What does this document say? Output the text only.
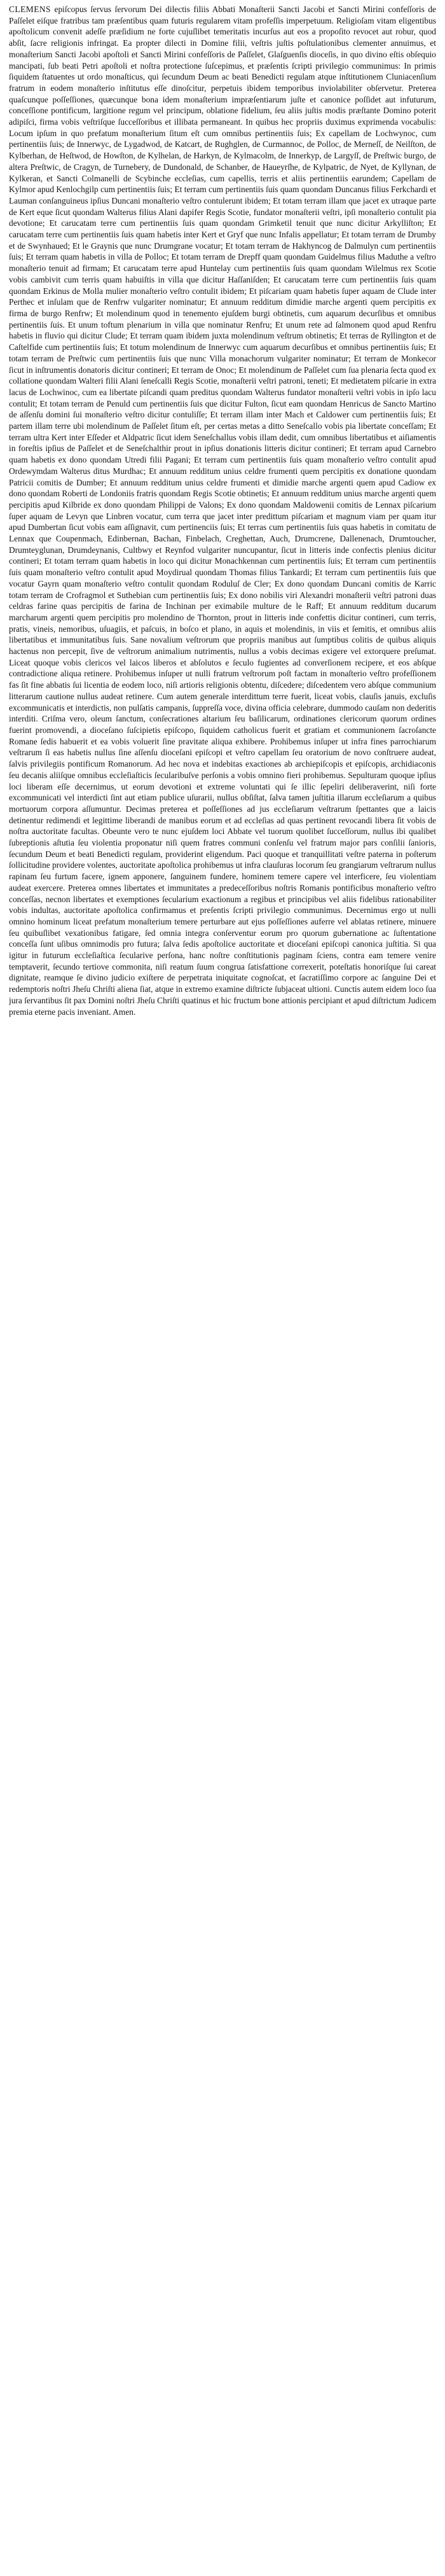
CLEMENS epiſcopus ſervus ſervorum Dei dilectis filiis Abbati Monaſterii Sancti Jacobi et Sancti Mirini confeſſoris de Paſſelet eiſque fratribus tam præſentibus quam futuris regularem vitam profeſſis imperpetuum. Religioſam vitam eligentibus apoſtolicum convenit adeſſe præſidium ne forte cujuſlibet temeritatis incurſus aut eos a propoſito revocet aut robur, quod abſit, ſacre religionis infringat. Ea propter dilecti in Domine filii, veſtris juſtis poſtulationibus clementer annuimus, et monaſterium Sancti Jacobi apoſtoli et Sancti Mirini confeſſoris de Paſſelet, Glaſguenſis dioceſis, in quo divino eſtis obſequio mancipati, ſub beati Petri apoſtoli et noſtra protectione ſuſcepimus, et præſentis ſcripti privilegio communimus: In primis ſiquidem ſtatuentes ut ordo monaſticus, qui ſecundum Deum ac beati Benedicti regulam atque inſtitutionem Cluniacenſium fratrum in eodem monaſterio inſtitutus eſſe dinoſcitur, perpetuis ibidem temporibus inviolabiliter obſervetur. Preterea quaſcunque poſſeſſiones, quæcunque bona idem monaſterium impræſentiarum juſte et canonice poſſidet aut infuturum, conceſſione pontificum, largitione regum vel principum, oblatione fidelium, ſeu aliis juſtis modis præſtante Domino poterit adipiſci, firma vobis veſtriſque ſucceſſoribus et illibata permaneant. In quibus hec propriis duximus exprimenda vocabulis: Locum ipſum in quo prefatum monaſterium ſitum eſt cum omnibus pertinentiis ſuis; Ex capellam de Lochwynoc, cum pertinentiis ſuis; de Innerwyc, de Lygadwod, de Katcart, de Rughglen, de Curmannoc, de Polloc, de Merneſſ, de Neilſton, de Kylberhan, de Heſtwod, de Howſton, de Kylhelan, de Harkyn, de Kylmacolm, de Innerkyp, de Largyſſ, de Preſtwic burgo, de altera Preſtwic, de Cragyn, de Turnebery, de Dundonald, de Schanber, de Haueyrſhe, de Kylpatric, de Nyet, de Kyllynan, de Kylkeran, et Sancti Colmanelli de Scybinche eccleſias, cum capellis, terris et aliis pertinentiis earundem; Capellam de Kylmor apud Kenlochgilp cum pertinentiis ſuis; Et terram cum pertinentiis ſuis quam quondam Duncanus filius Ferkchardi et Lauman conſanguineus ipſius Duncani monaſterio veſtro contulerunt ibidem; Et totam terram illam que jacet ex utraque parte de Kert eque ſicut quondam Walterus filius Alani dapifer Regis Scotie, fundator monaſterii veſtri, ipſi monaſterio contulit pia devotione; Et carucatam terre cum pertinentiis ſuis quam quondam Grimketil tenuit que nunc dicitur Arkylliſton; Et carucatam terre cum pertinentiis ſuis quam habetis inter Kert et Gryf que nunc Infalis appellatur; Et totam terram de Drumby et de Swynhaued; Et le Graynis que nunc Drumgrane vocatur; Et totam terram de Hakhyncog de Dalmulyn cum pertinentiis ſuis; Et terram quam habetis in villa de Polloc; Et totam terram de Drepff quam quondam Guidelmus filius Maduthe a veſtro monaſterio tenuit ad firmam; Et carucatam terre apud Huntelay cum pertinentiis ſuis quam quondam Wilelmus rex Scotie vobis cambivit cum terris quam habuiſtis in villa que dicitur Haſſaniſden; Et carucatam terre cum pertinentiis ſuis quam quondam Erkinus de Molla mulier monaſterio veſtro contulit ibidem; Et piſcariam quam habetis ſuper aquam de Clude inter Perthec et inſulam que de Renfrw vulgariter nominatur; Et annuum redditum dimidie marche argenti quem percipitis ex firma de burgo Renfrw; Et molendinum quod in tenemento ejuſdem burgi obtinetis, cum aquarum decurſibus et omnibus pertinentiis ſuis. Et unum toftum plenarium in villa que nominatur Renfru; Et unum rete ad ſalmonem quod apud Renfru habetis in fluvio qui dicitur Clude; Et terram quam ibidem juxta molendinum veſtrum obtinetis; Et terras de Ryllington et de Caſtelfide cum pertinentiis ſuis; Et totum molendinum de Innerwyc cum aquarum decurſibus et omnibus pertinentiis ſuis; Et totam terram de Preſtwic cum pertinentiis ſuis que nunc Villa monachorum vulgariter nominatur; Et terram de Monkecor ſicut in inſtrumentis donatoris dicitur contineri; Et terram de Onoc; Et molendinum de Paſſelet cum ſua plenaria ſecta quod ex collatione quondam Walteri filii Alani ſeneſcalli Regis Scotie, monaſterii veſtri patroni, teneti; Et medietatem piſcarie in extra lacus de Lochwinoc, cum ea libertate piſcandi quam preditus quondam Walterus fundator monaſterii veſtri vobis in ipſo lacu contulit; Et totam terram de Penuld cum pertinentiis ſuis que dicitur Fulton, ſicut eam quondam Henricus de Sancto Martino de aſſenſu domini ſui monaſterio veſtro dicitur contuliſſe; Et terram illam inter Mach et Caldower cum pertinentiis ſuis; Et partem illam terre ubi molendinum de Paſſelet ſitum eſt, per certas metas a ditto Seneſcallo vobis pia libertate conceſſam; Et terram ultra Kert inter Eſſeder et Aldpatric ſicut idem Seneſchallus vobis illam dedit, cum omnibus libertatibus et aiſiamentis in foreſtis ipſius de Paſſelet et de Seneſchalthir prout in ipſius donationis litteris dicitur contineri; Et terram apud Carnebro quam habetis ex dono quondam Utredi filii Pagani; Et terram cum pertinentiis ſuis quam monaſterio veſtro contulit apud Ordewymdam Walterus ditus Murdhac; Et annuum redditum unius celdre frumenti quem percipitis ex donatione quondam Patricii comitis de Dumber; Et annuum redditum unius celdre frumenti et dimidie marche argenti quem apud Cadiow ex dono quondam Roberti de Londoniis fratris quondam Regis Scotie obtinetis; Et annuum redditum unius marche argenti quem percipitis apud Kilbride ex dono quondam Philippi de Valons; Ex dono quondam Maldowenii comitis de Lennax piſcarium ſuper aquam de Levyn que Linbren vocatur, cum terra que jacet inter predittum piſcariam et magnum viam per quam itur apud Dumbertan ſicut vobis eam aſſignavit, cum pertinenciis ſuis; Et terras cum pertinentiis ſuis quas habetis in comitatu de Lennax que Coupenmach, Edinbernan, Bachan, Finbelach, Creghettan, Auch, Drumcrene, Dallenenach, Drumtoucher, Drumteyglunan, Drumdeynanis, Cultbwy et Reynfod vulgariter nuncupantur, ſicut in litteris inde confectis plenius dicitur contineri; Et totam terram quam habetis in loco qui dicitur Monachkennan cum pertinentiis ſuis; Et terram cum pertinentiis ſuis quam monaſterio veſtro contulit apud Moydirual quondam Thomas filius Tankardi; Et terram cum pertinentiis ſuis que vocatur Gayrn quam monaſterio veſtro contulit quondam Roduluſ de Cler; Ex dono quondam Duncani comitis de Karric totam terram de Crofragmol et Suthebian cum pertinentiis ſuis; Ex dono nobilis viri Alexandri monaſterii veſtri patroni duas celdras farine quas percipitis de farina de Inchinan per eximabile multure de le Raff; Et annuum redditum ducarum marcharum argenti quem percipitis pro molendino de Thornton, prout in litteris inde confettis dicitur contineri, cum terris, pratis, vineis, nemoribus, uſuagiis, et paſcuis, in boſco et plano, in aquis et molendinis, in viis et ſemitis, et omnibus aliis libertatibus et immunitatibus ſuis. Sane novalium veſtrorum que propriis manibus aut ſumptibus colitis de quibus aliquis hactenus non percepit, ſive de veſtrorum animalium nutrimentis, nullus a vobis decimas exigere vel extorquere preſumat. Liceat quoque vobis clericos vel laicos liberos et abſolutos e ſeculo fugientes ad converſionem recipere, et eos abſque contradictione aliqua retinere. Prohibemus inſuper ut nulli fratrum veſtrorum poſt factam in monaſterio veſtro profeſſionem fas ſit fine abbatis ſui licentia de eodem loco, niſi artioris religionis obtentu, diſcedere; diſcedentem vero abſque communium litterarum cautione nullus audeat retinere. Cum autem generale interdittum terre fuerit, liceat vobis, clauſis januis, excluſis excommunicatis et interdictis, non pulſatis campanis, ſuppreſſa voce, divina officia celebrare, dummodo cauſam non dederitis interditi. Criſma vero, oleum ſanctum, conſecrationes altarium ſeu baſilicarum, ordinationes clericorum quorum ordines fuerint promovendi, a dioceſano ſuſcipietis epiſcopo, ſiquidem catholicus fuerit et gratiam et communionem ſacroſancte Romane ſedis habuerit et ea vobis voluerit ſine pravitate aliqua exhibere. Prohibemus inſuper ut infra fines parrochiarum veſtrarum ſi eas habetis nullus ſine aſſenſu dioceſani epiſcopi et veſtro capellam ſeu oratorium de novo conſtruere audeat, ſalvis privilegiis pontificum Romanorum. Ad hec nova et indebitas exactiones ab archiepiſcopis et epiſcopis, archidiaconis ſeu decanis aliiſque omnibus eccleſiaſticis ſecularibuſve perſonis a vobis omnino fieri prohibemus. Sepulturam quoque ipſius loci liberam eſſe decernimus, ut eorum devotioni et extreme voluntati qui ſe illic ſepeliri deliberaverint, niſi forte excommunicati vel interdicti ſint aut etiam publice uſurarii, nullus obſiſtat, ſalva tamen juſtitia illarum eccleſiarum a quibus mortuorum corpora aſſumuntur. Decimas preterea et poſſeſſiones ad jus eccleſiarum veſtrarum ſpettantes que a laicis detinentur redimendi et legittime liberandi de manibus eorum et ad eccleſias ad quas pertinent revocandi libera ſit vobis de noſtra auctoritate facultas. Obeunte vero te nunc ejuſdem loci Abbate vel tuorum quolibet ſucceſſorum, nullus ibi qualibet ſubreptionis aſtutia ſeu violentia proponatur niſi quem fratres communi conſenſu vel fratrum major pars conſilii ſanioris, ſecundum Deum et beati Benedicti regulam, providerint eligendum. Paci quoque et tranquillitati veſtre paterna in poſterum ſollicitudine providere volentes, auctoritate apoſtolica prohibemus ut infra clauſuras locorum ſeu grangiarum veſtrarum nullus rapinam ſeu furtum facere, ignem apponere, ſanguinem fundere, hominem temere capere vel interficere, ſeu violentiam audeat exercere. Preterea omnes libertates et immunitates a predeceſſoribus noſtris Romanis pontificibus monaſterio veſtro conceſſas, necnon libertates et exemptiones ſecularium exactionum a regibus et principibus vel aliis fidelibus rationabiliter vobis indultas, auctoritate apoſtolica confirmamus et preſentis ſcripti privilegio communimus. Decernimus ergo ut nulli omnino hominum liceat prefatum monaſterium temere perturbare aut ejus poſſeſſiones auferre vel ablatas retinere, minuere ſeu quibuſlibet vexationibus fatigare, ſed omnia integra conſerventur eorum pro quorum gubernatione ac ſuſtentatione conceſſa ſunt uſibus omnimodis pro futura; ſalva ſedis apoſtolice auctoritate et dioceſani epiſcopi canonica juſtitia. Si qua igitur in futurum eccleſiaſtica ſecularive perſona, hanc noſtre conſtitutionis paginam ſciens, contra eam temere venire temptaverit, ſecundo tertiove commonita, niſi reatum ſuum congrua ſatisfattione correxerit, poteſtatis honoriſque ſui careat dignitate, reamque ſe divino judicio exiſtere de perpetrata iniquitate cognoſcat, et ſacratiſſimo corpore ac ſanguine Dei et redemptoris noſtri Jheſu Chriſti aliena ſiat, atque in extremo examine diſtricte ſubjaceat ultioni. Cunctis autem eidem loco ſua jura ſervantibus ſit pax Domini noſtri Jheſu Chriſti quatinus et hic fructum bone attionis percipiant et apud diſtrictum Judicem premia eterne pacis inveniant. Amen.
